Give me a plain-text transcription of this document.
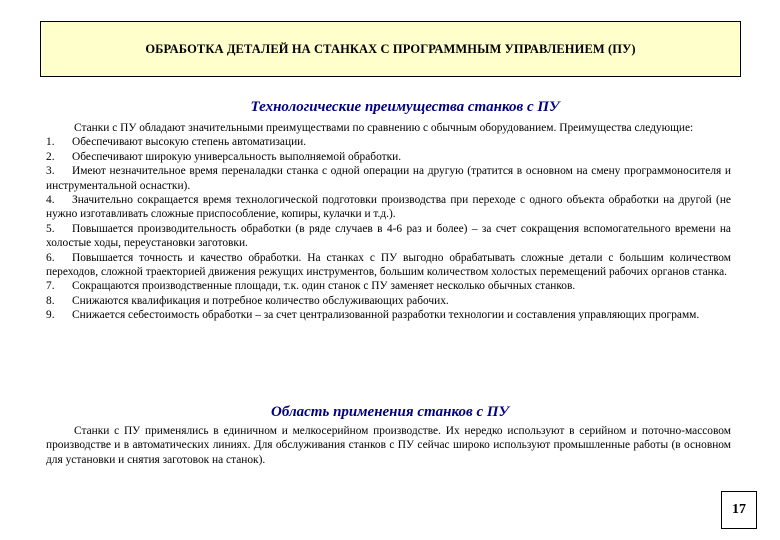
ОБРАБОТКА ДЕТАЛЕЙ НА СТАНКАХ С ПРОГРАММНЫМ УПРАВЛЕНИЕМ (ПУ)
Технологические преимущества станков с ПУ

Станки с ПУ обладают значительными преимуществами по сравнению с обычным оборудованием. Преимущества следующие:

1. Обеспечивают высокую степень автоматизации.

2. Обеспечивают широкую универсальность выполняемой обработки.

3. Имеют незначительное время переналадки станка с одной операции на другую (тратится в основном на смену программоносителя и инструментальной оснастки).

4. Значительно сокращается время технологической подготовки производства при переходе с одного объекта обработки на другой (не нужно изготавливать сложные приспособление, копиры, кулачки и т.д.).

5. Повышается производительность обработки (в ряде случаев в 4-6 раз и более) – за счет сокращения вспомогательного времени на холостые ходы, переустановки заготовки.

6. Повышается точность и качество обработки. На станках с ПУ выгодно обрабатывать сложные детали с большим количеством переходов, сложной траекторией движения режущих инструментов, большим количеством холостых перемещений рабочих органов станка.

7. Сокращаются производственные площади, т.к. один станок с ПУ заменяет несколько обычных станков.

8. Снижаются квалификация и потребное количество обслуживающих рабочих.

9. Снижается себестоимость обработки – за счет централизованной разработки технологии и составления управляющих программ.

Область применения станков с ПУ

Станки с ПУ применялись в единичном и мелкосерийном производстве. Их нередко используют в серийном и поточно-массовом производстве и в автоматических линиях. Для обслуживания станков с ПУ сейчас широко используют промышленные работы (в основном для установки и снятия заготовок на станок).

17
